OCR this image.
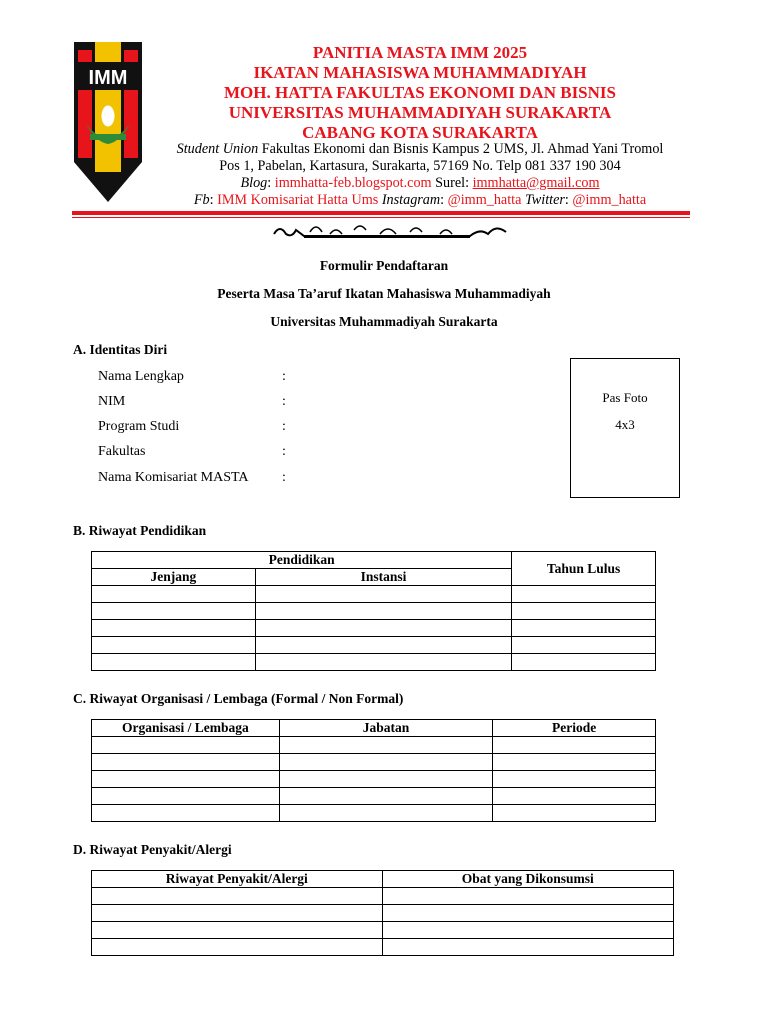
IMM
PANITIA MASTA IMM 2025
IKATAN MAHASISWA MUHAMMADIYAH
MOH. HATTA FAKULTAS EKONOMI DAN BISNIS
UNIVERSITAS MUHAMMADIYAH SURAKARTA
CABANG KOTA SURAKARTA
Student Union Fakultas Ekonomi dan Bisnis Kampus 2 UMS, Jl. Ahmad Yani Tromol
Pos 1, Pabelan, Kartasura, Surakarta, 57169 No. Telp 081 337 190 304
Blog: immhatta-feb.blogspot.com Surel: immhatta@gmail.com
Fb: IMM Komisariat Hatta Ums Instagram: @imm_hatta Twitter: @imm_hatta
Formulir Pendaftaran
Peserta Masa Ta’aruf Ikatan Mahasiswa Muhammadiyah
Universitas Muhammadiyah Surakarta
A. Identitas Diri
Nama Lengkap	:
NIM	:
Program Studi	:
Fakultas	:
Nama Komisariat MASTA :
Pas Foto
4x3
B. Riwayat Pendidikan
Pendidikan		Tahun Lulus
Jenjang	Instansi	

C. Riwayat Organisasi / Lembaga (Formal / Non Formal)
Organisasi / Lembaga	Jabatan	Periode

D. Riwayat Penyakit/Alergi
Riwayat Penyakit/Alergi	Obat yang Dikonsumsi
